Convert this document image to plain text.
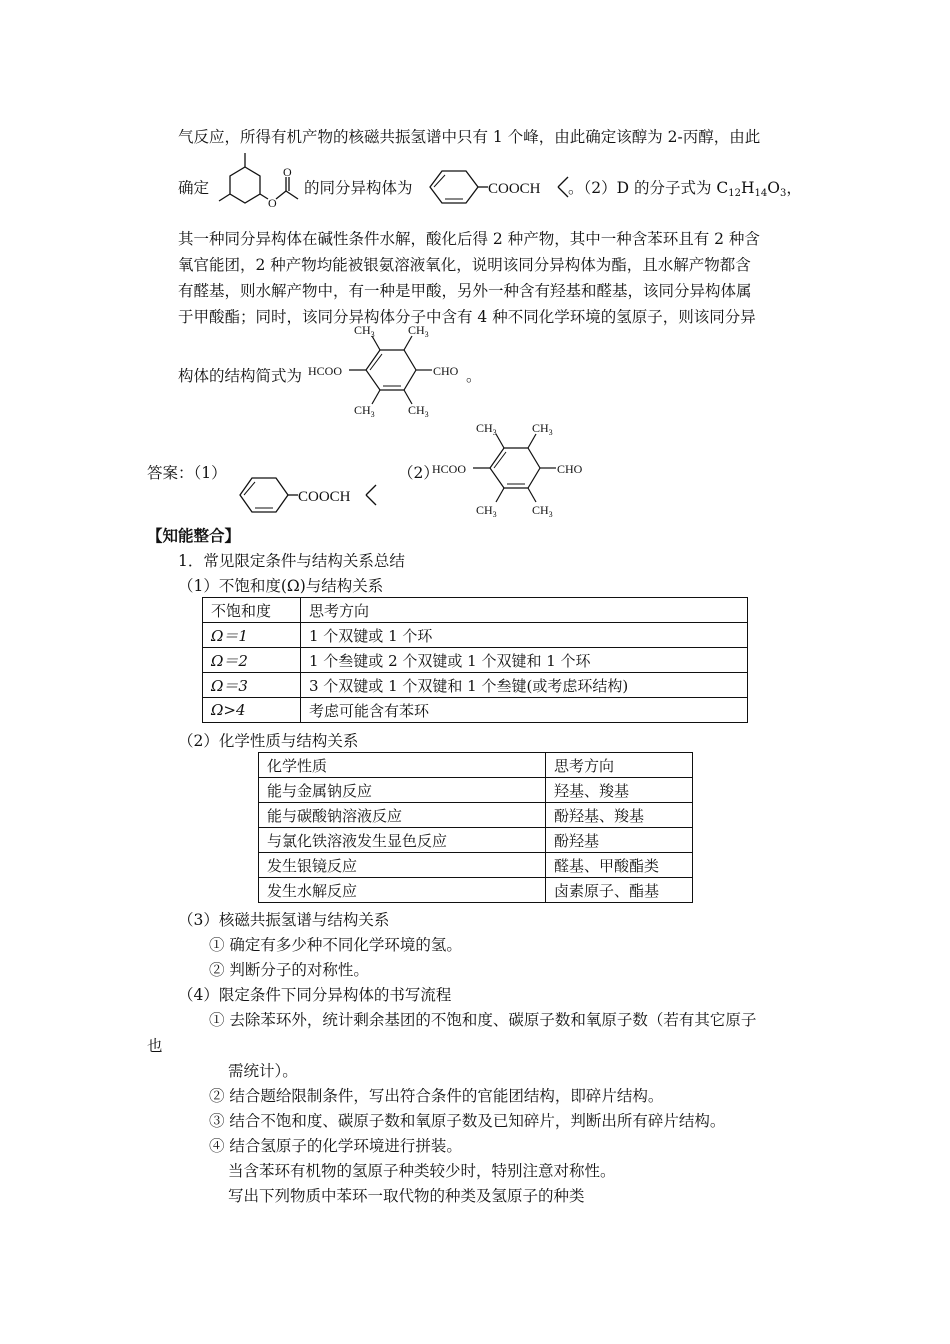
气反应，所得有机产物的核磁共振氢谱中只有 1 个峰，由此确定该醇为 2-丙醇，由此
确定
O
O
的同分异构体为	COOCH 。（2）D 的分子式为 $C_{12}H_{14}O_3$，
其一种同分异构体在碱性条件水解，酸化后得 2 种产物，其中一种含苯环且有 2 种含
氧官能团，2 种产物均能被银氨溶液氧化，说明该同分异构体为酯，且水解产物都含
有醛基，则水解产物中，有一种是甲酸，另外一种含有羟基和醛基，该同分异构体属
于甲酸酯；同时，该同分异构体分子中含有 4 种不同化学环境的氢原子，则该同分异
构体的结构简式为 HCOO	CHO
$CH_3$	$CH_3$
$CH_3$	$CH_3$
。
答案：（1）
COOCH
（2）
HCOO	CHO
$CH_3$	$CH_3$
$CH_3$	$CH_3$
【知能整合】
1．常见限定条件与结构关系总结
（1）不饱和度(Ω)与结构关系
不饱和度	思考方向
Ω＝1	1 个双键或 1 个环
Ω＝2	1 个叁键或 2 个双键或 1 个双键和 1 个环
Ω＝3	3 个双键或 1 个双键和 1 个叁键(或考虑环结构)
Ω>4	考虑可能含有苯环
（2）化学性质与结构关系
化学性质	思考方向
能与金属钠反应	羟基、羧基
能与碳酸钠溶液反应	酚羟基、羧基
与氯化铁溶液发生显色反应	酚羟基
发生银镜反应	醛基、甲酸酯类
发生水解反应	卤素原子、酯基
（3）核磁共振氢谱与结构关系
① 确定有多少种不同化学环境的氢。
② 判断分子的对称性。
（4）限定条件下同分异构体的书写流程
① 去除苯环外，统计剩余基团的不饱和度、碳原子数和氧原子数（若有其它原子
也
需统计）。
② 结合题给限制条件，写出符合条件的官能团结构，即碎片结构。
③ 结合不饱和度、碳原子数和氧原子数及已知碎片，判断出所有碎片结构。
④ 结合氢原子的化学环境进行拼装。
当含苯环有机物的氢原子种类较少时，特别注意对称性。
写出下列物质中苯环一取代物的种类及氢原子的种类
